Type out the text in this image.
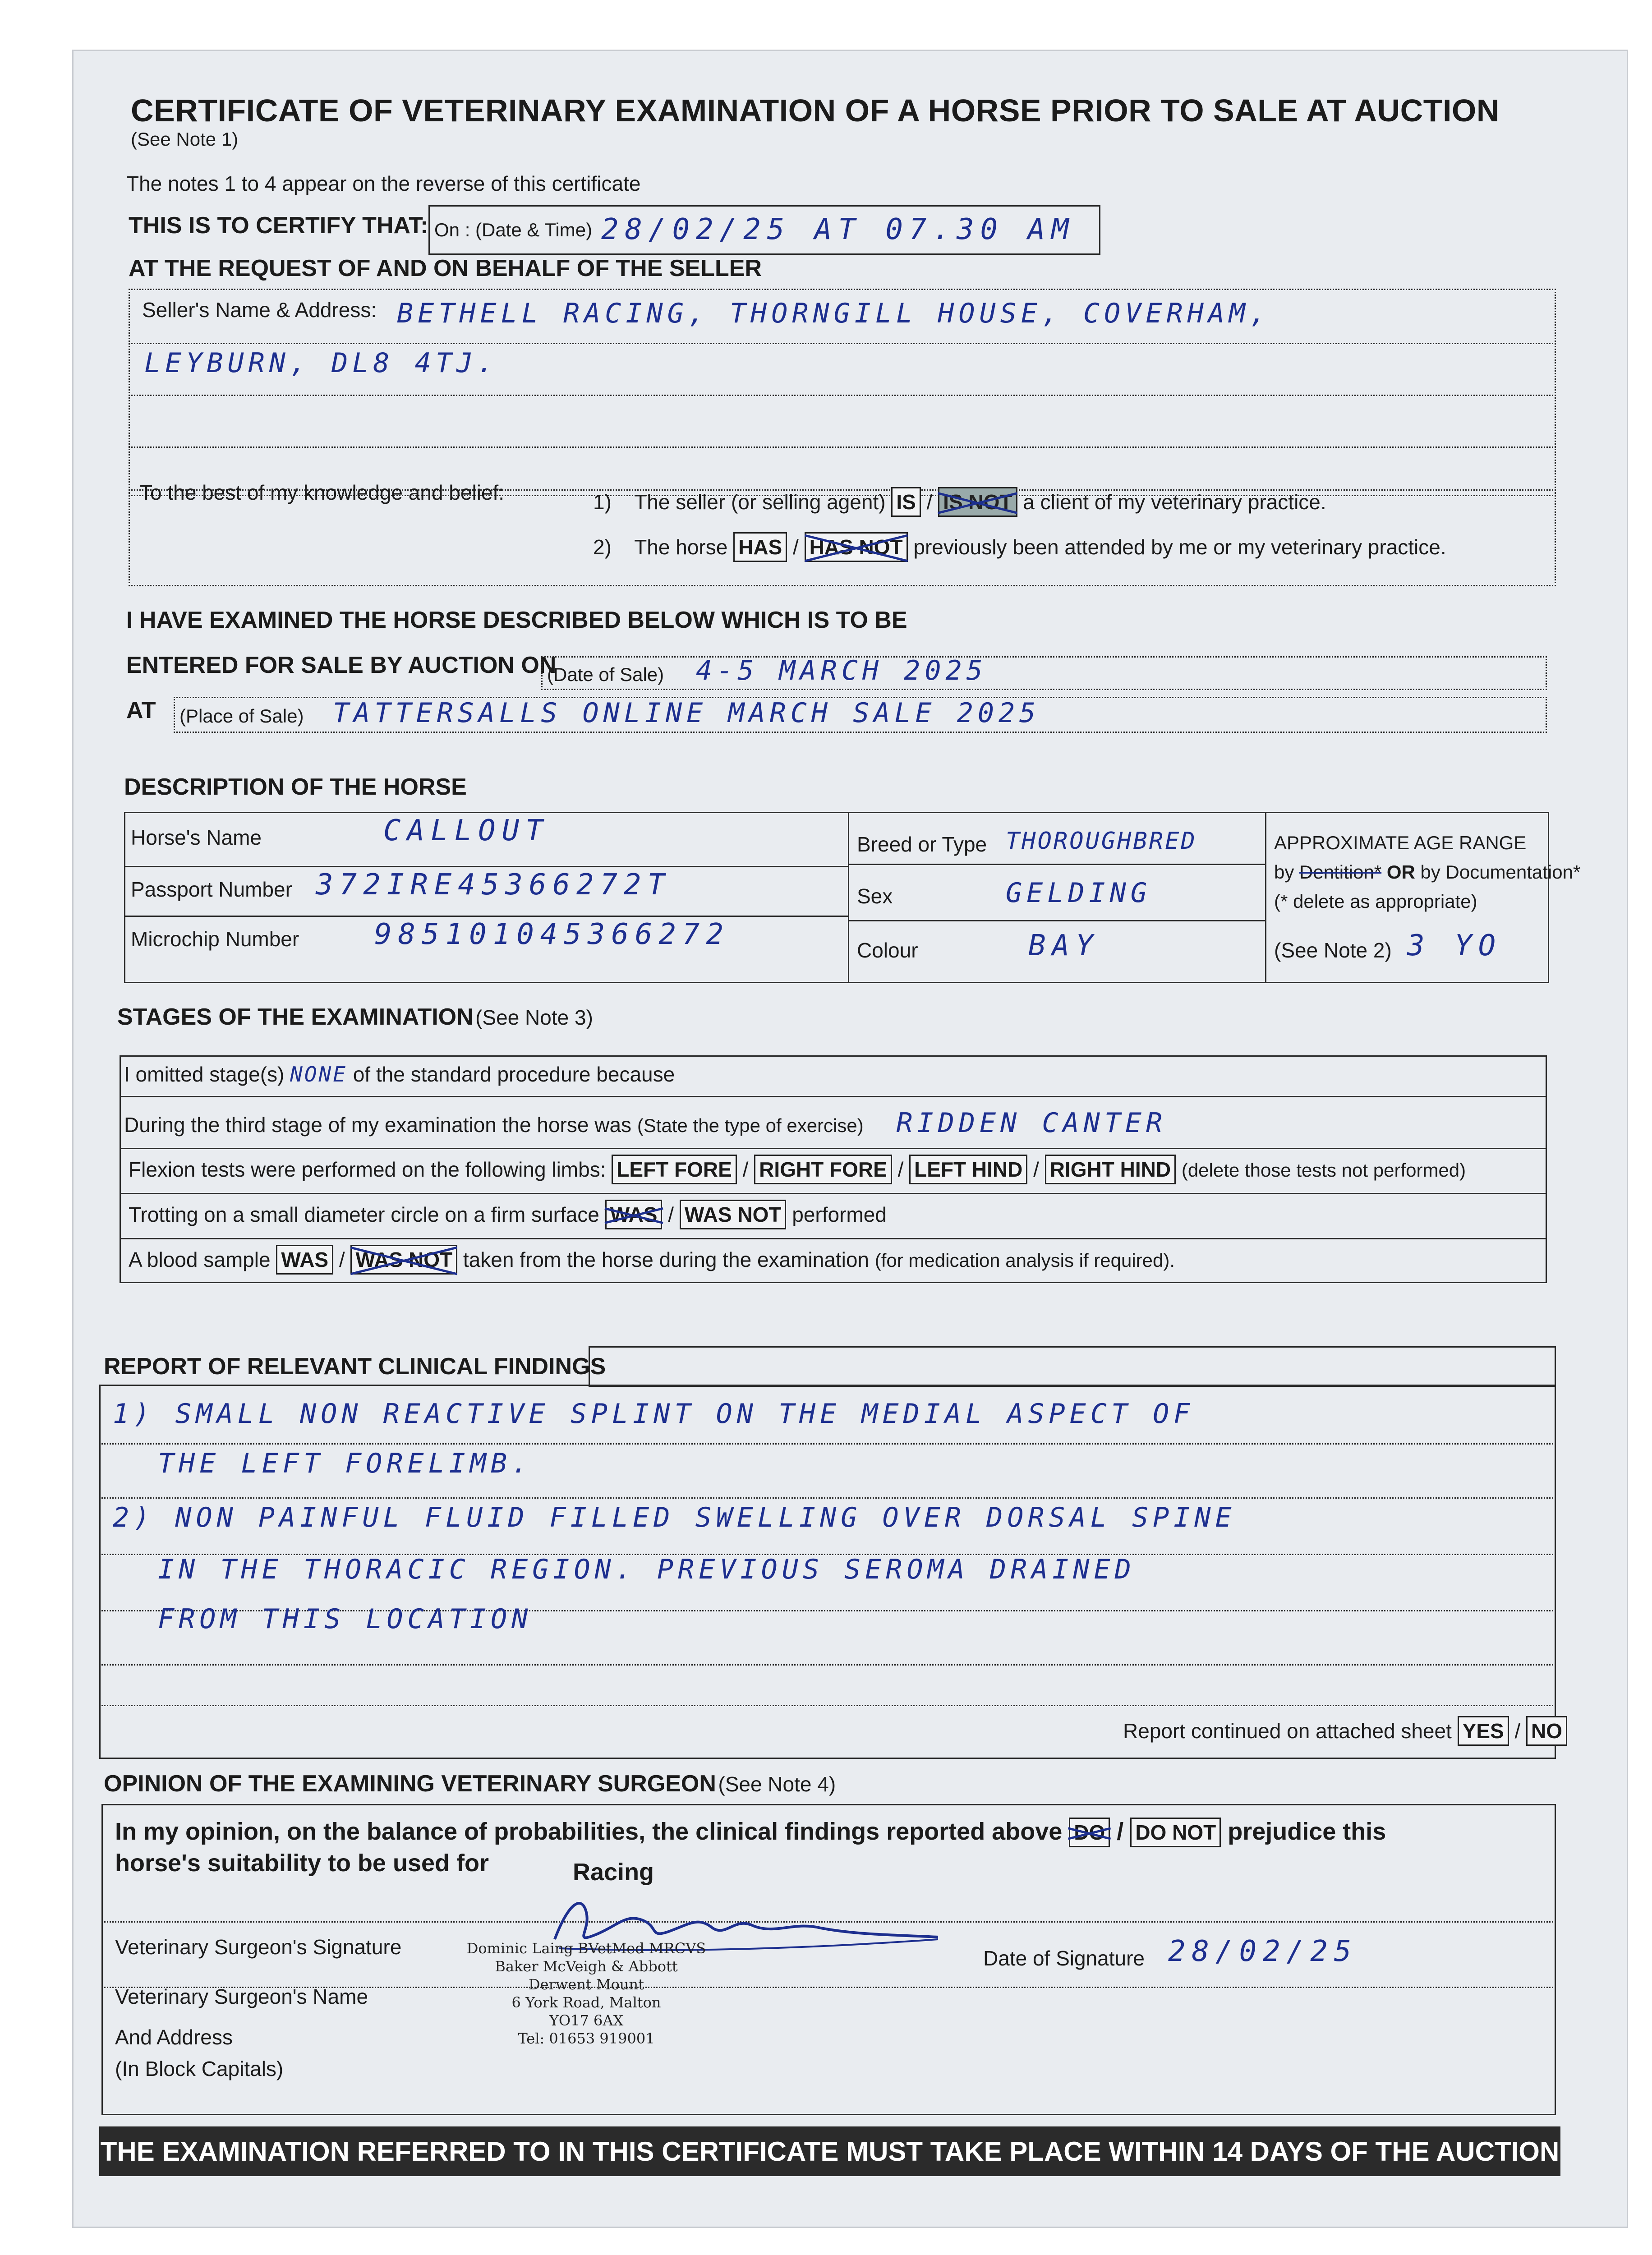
CERTIFICATE OF VETERINARY EXAMINATION OF A HORSE PRIOR TO SALE AT AUCTION
(See Note 1)
The notes 1 to 4 appear on the reverse of this certificate
THIS IS TO CERTIFY THAT: On : (Date & Time) 28/02/25 AT 07.30 AM
AT THE REQUEST OF AND ON BEHALF OF THE SELLER
Seller's Name & Address: BETHELL RACING, THORNGILL HOUSE, COVERHAM,
LEYBURN, DL8 4TJ.
To the best of my knowledge and belief:	1) The seller (or selling agent) IS / IS NOT a client of my veterinary practice.
2) The horse HAS / HAS NOT previously been attended by me or my veterinary practice.
I HAVE EXAMINED THE HORSE DESCRIBED BELOW WHICH IS TO BE
ENTERED FOR SALE BY AUCTION ON
(Date of Sale) 4-5 MARCH 2025
AT (Place of Sale) TATTERSALLS ONLINE MARCH SALE 2025
DESCRIPTION OF THE HORSE
Horse's Name	CALLOUT
Passport Number 372IRE45366272T
Microchip Number	985101045366272
Breed or Type THOROUGHBRED
Sex	GELDING
Colour	BAY
APPROXIMATE AGE RANGE
by Dentition* OR by Documentation*
(* delete as appropriate)
(See Note 2) 3 YO
STAGES OF THE EXAMINATION (See Note 3)
I omitted stage(s) NONE of the standard procedure because
During the third stage of my examination the horse was (State the type of exercise) RIDDEN CANTER
Flexion tests were performed on the following limbs: LEFT FORE / RIGHT FORE / LEFT HIND / RIGHT HIND (delete those tests not performed)
Trotting on a small diameter circle on a firm surface WAS / WAS NOT performed
A blood sample WAS / WAS NOT taken from the horse during the examination (for medication analysis if required).
REPORT OF RELEVANT CLINICAL FINDINGS
1) SMALL NON REACTIVE SPLINT ON THE MEDIAL ASPECT OF
THE LEFT FORELIMB.
2) NON PAINFUL FLUID FILLED SWELLING OVER DORSAL SPINE
IN THE THORACIC REGION. PREVIOUS SEROMA DRAINED
FROM THIS LOCATION
Report continued on attached sheet YES / NO
OPINION OF THE EXAMINING VETERINARY SURGEON (See Note 4)
In my opinion, on the balance of probabilities, the clinical findings reported above DO / DO NOT prejudice this
horse's suitability to be used for	Racing
Veterinary Surgeon's Signature	Dominic Laing BVetMed MRCVS
Baker McVeigh & Abbott
Derwent Mount
6 York Road, Malton
YO17 6AX
Tel: 01653 919001
Date of Signature 28/02/25
Veterinary Surgeon's Name
And Address
(In Block Capitals)
THE EXAMINATION REFERRED TO IN THIS CERTIFICATE MUST TAKE PLACE WITHIN 14 DAYS OF THE AUCTION
